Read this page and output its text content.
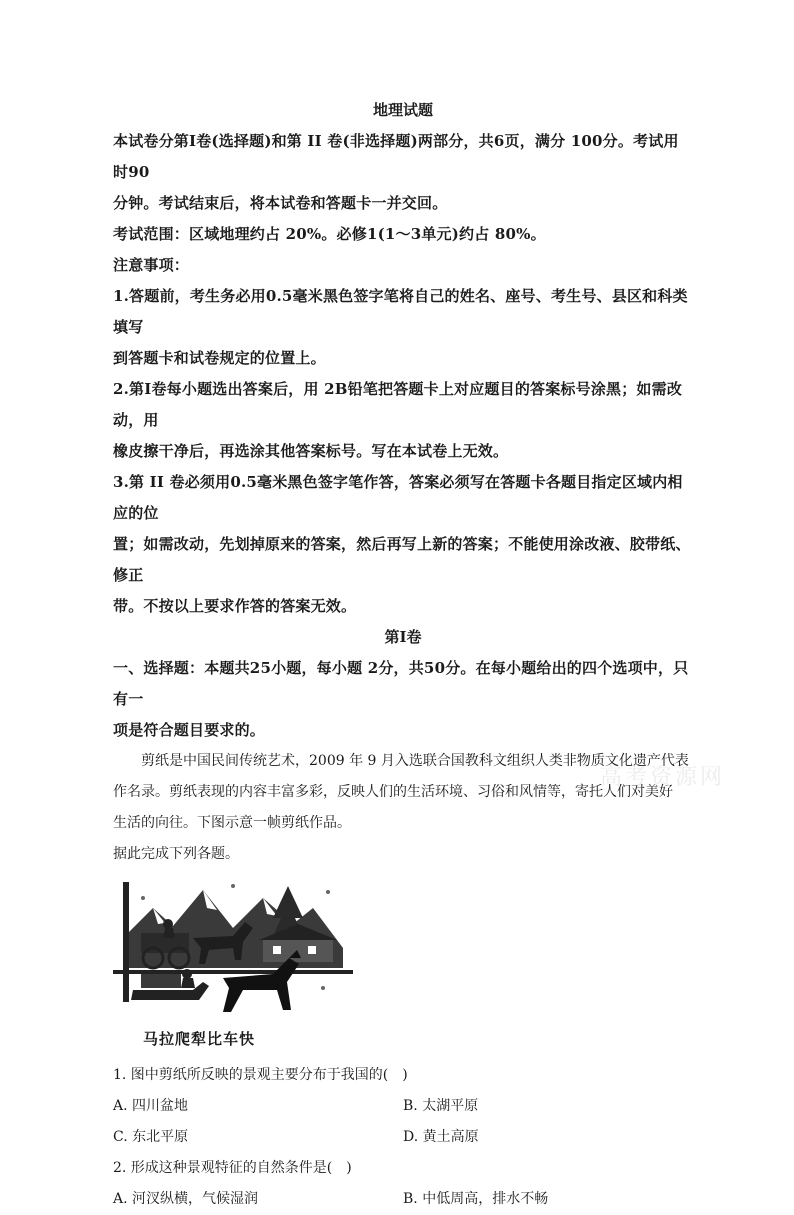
地理试题

本试卷分第Ⅰ卷(选择题)和第 II 卷(非选择题)两部分，共6页，满分 100分。考试用时90

分钟。考试结束后，将本试卷和答题卡一并交回。

考试范围：区域地理约占 20%。必修1(1～3单元)约占 80%。

注意事项：

1.答题前，考生务必用0.5毫米黑色签字笔将自己的姓名、座号、考生号、县区和科类填写

到答题卡和试卷规定的位置上。

2.第Ⅰ卷每小题选出答案后，用 2B铅笔把答题卡上对应题目的答案标号涂黑；如需改动，用

橡皮擦干净后，再选涂其他答案标号。写在本试卷上无效。

3.第 II 卷必须用0.5毫米黑色签字笔作答，答案必须写在答题卡各题目指定区域内相应的位

置；如需改动，先划掉原来的答案，然后再写上新的答案；不能使用涂改液、胶带纸、修正

带。不按以上要求作答的答案无效。

第Ⅰ卷

一、选择题：本题共25小题，每小题 2分，共50分。在每小题给出的四个选项中，只有一

项是符合题目要求的。

剪纸是中国民间传统艺术，2009 年 9 月入选联合国教科文组织人类非物质文化遗产代表

作名录。剪纸表现的内容丰富多彩，反映人们的生活环境、习俗和风情等，寄托人们对美好

生活的向往。下图示意一帧剪纸作品。

据此完成下列各题。

马拉爬犁比车快

1. 图中剪纸所反映的景观主要分布于我国的(　)

A. 四川盆地	B. 太湖平原
C. 东北平原	D. 黄土高原

2. 形成这种景观特征的自然条件是(　)

A. 河汊纵横，气候湿润	B. 中低周高，排水不畅
高考资源网
